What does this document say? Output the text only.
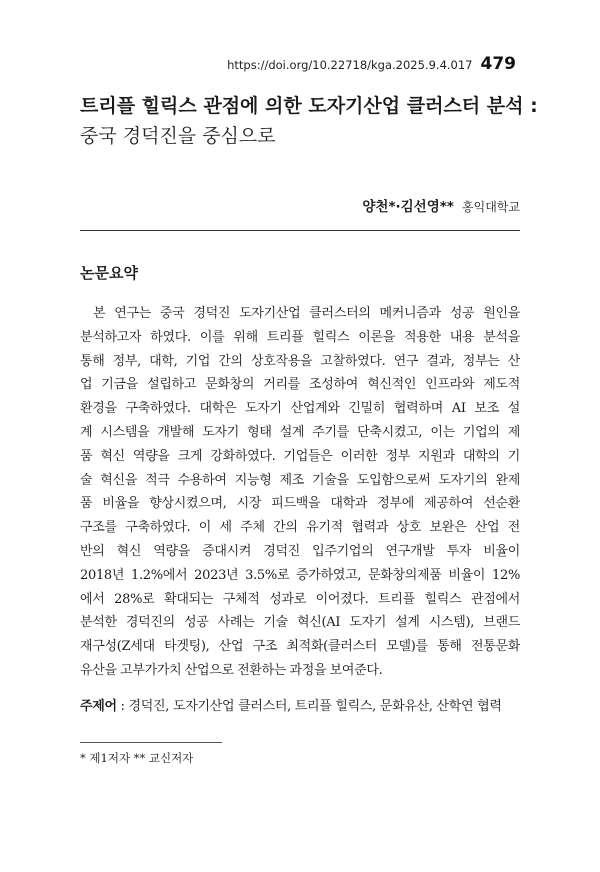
https://doi.org/10.22718/kga.2025.9.4.017 479
트리플 힐릭스 관점에 의한 도자기산업 클러스터 분석 :
중국 경덕진을 중심으로
양천*·김선영** 홍익대학교
논문요약
본 연구는 중국 경덕진 도자기산업 클러스터의 메커니즘과 성공 원인을
분석하고자 하였다. 이를 위해 트리플 힐릭스 이론을 적용한 내용 분석을
통해 정부, 대학, 기업 간의 상호작용을 고찰하였다. 연구 결과, 정부는 산
업 기금을 설립하고 문화창의 거리를 조성하여 혁신적인 인프라와 제도적
환경을 구축하였다. 대학은 도자기 산업계와 긴밀히 협력하며 AI 보조 설
계 시스템을 개발해 도자기 형태 설계 주기를 단축시켰고, 이는 기업의 제
품 혁신 역량을 크게 강화하였다. 기업들은 이러한 정부 지원과 대학의 기
술 혁신을 적극 수용하여 지능형 제조 기술을 도입함으로써 도자기의 완제
품 비율을 향상시켰으며, 시장 피드백을 대학과 정부에 제공하여 선순환
구조를 구축하였다. 이 세 주체 간의 유기적 협력과 상호 보완은 산업 전
반의 혁신 역량을 증대시켜 경덕진 입주기업의 연구개발 투자 비율이
2018년 1.2%에서 2023년 3.5%로 증가하였고, 문화창의제품 비율이 12%
에서 28%로 확대되는 구체적 성과로 이어졌다. 트리플 힐릭스 관점에서
분석한 경덕진의 성공 사례는 기술 혁신(AI 도자기 설계 시스템), 브랜드
재구성(Z세대 타겟팅), 산업 구조 최적화(클러스터 모델)를 통해 전통문화
유산을 고부가가치 산업으로 전환하는 과정을 보여준다.
주제어 : 경덕진, 도자기산업 클러스터, 트리플 힐릭스, 문화유산, 산학연 협력
* 제1저자 ** 교신저자
